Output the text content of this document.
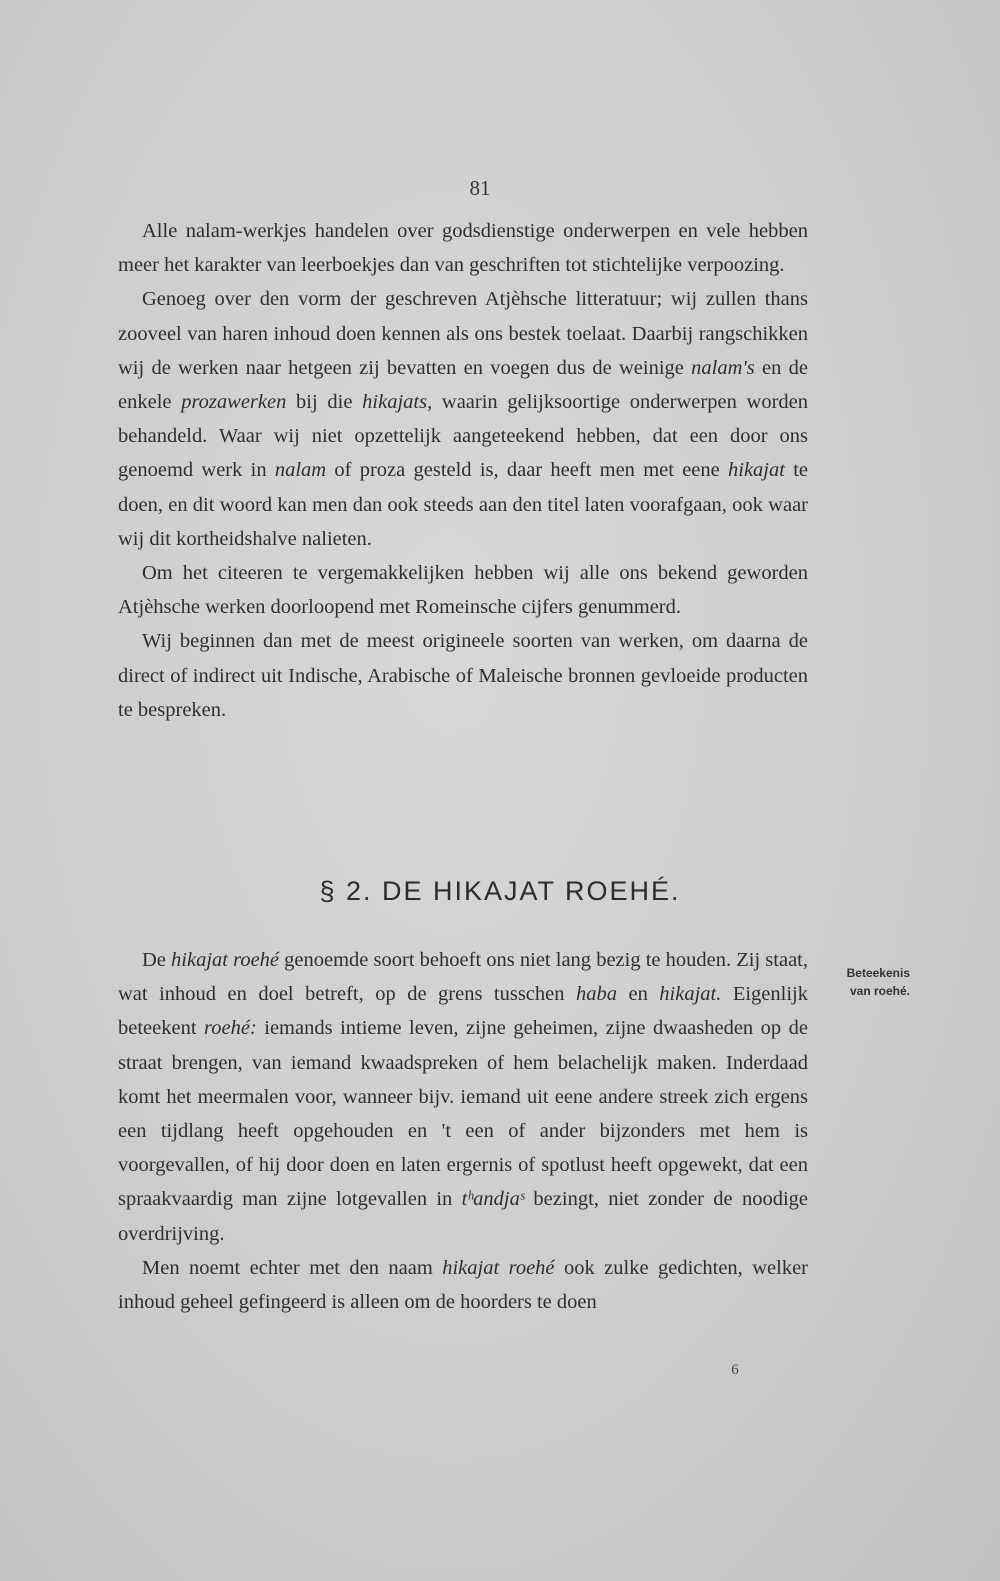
81

Alle nalam-werkjes handelen over godsdienstige onderwerpen en vele hebben meer het karakter van leerboekjes dan van geschriften tot stichtelijke verpoozing.

Genoeg over den vorm der geschreven Atjèhsche litteratuur; wij zullen thans zooveel van haren inhoud doen kennen als ons bestek toelaat. Daarbij rangschikken wij de werken naar hetgeen zij bevatten en voegen dus de weinige nalam's en de enkele prozawerken bij die hikajats, waarin gelijksoortige onderwerpen worden behandeld. Waar wij niet opzettelijk aangeteekend hebben, dat een door ons genoemd werk in nalam of proza gesteld is, daar heeft men met eene hikajat te doen, en dit woord kan men dan ook steeds aan den titel laten voorafgaan, ook waar wij dit kortheidshalve nalieten.

Om het citeeren te vergemakkelijken hebben wij alle ons bekend geworden Atjèhsche werken doorloopend met Romeinsche cijfers genummerd.

Wij beginnen dan met de meest origineele soorten van werken, om daarna de direct of indirect uit Indische, Arabische of Maleische bronnen gevloeide producten te bespreken.

§ 2. DE HIKAJAT ROEHÉ.

De hikajat roehé genoemde soort behoeft ons niet lang bezig te houden. Zij staat, wat inhoud en doel betreft, op de grens tusschen haba en hikajat. Eigenlijk beteekent roehé: iemands intieme leven, zijne geheimen, zijne dwaasheden op de straat brengen, van iemand kwaadspreken of hem belachelijk maken. Inderdaad komt het meermalen voor, wanneer bijv. iemand uit eene andere streek zich ergens een tijdlang heeft opgehouden en 't een of ander bijzonders met hem is voorgevallen, of hij door doen en laten ergernis of spotlust heeft opgewekt, dat een spraakvaardig man zijne lotgevallen in tʰandjaˢ bezingt, niet zonder de noodige overdrijving.

Men noemt echter met den naam hikajat roehé ook zulke gedichten, welker inhoud geheel gefingeerd is alleen om de hoorders te doen

Beteekenis
van roehé.
6
